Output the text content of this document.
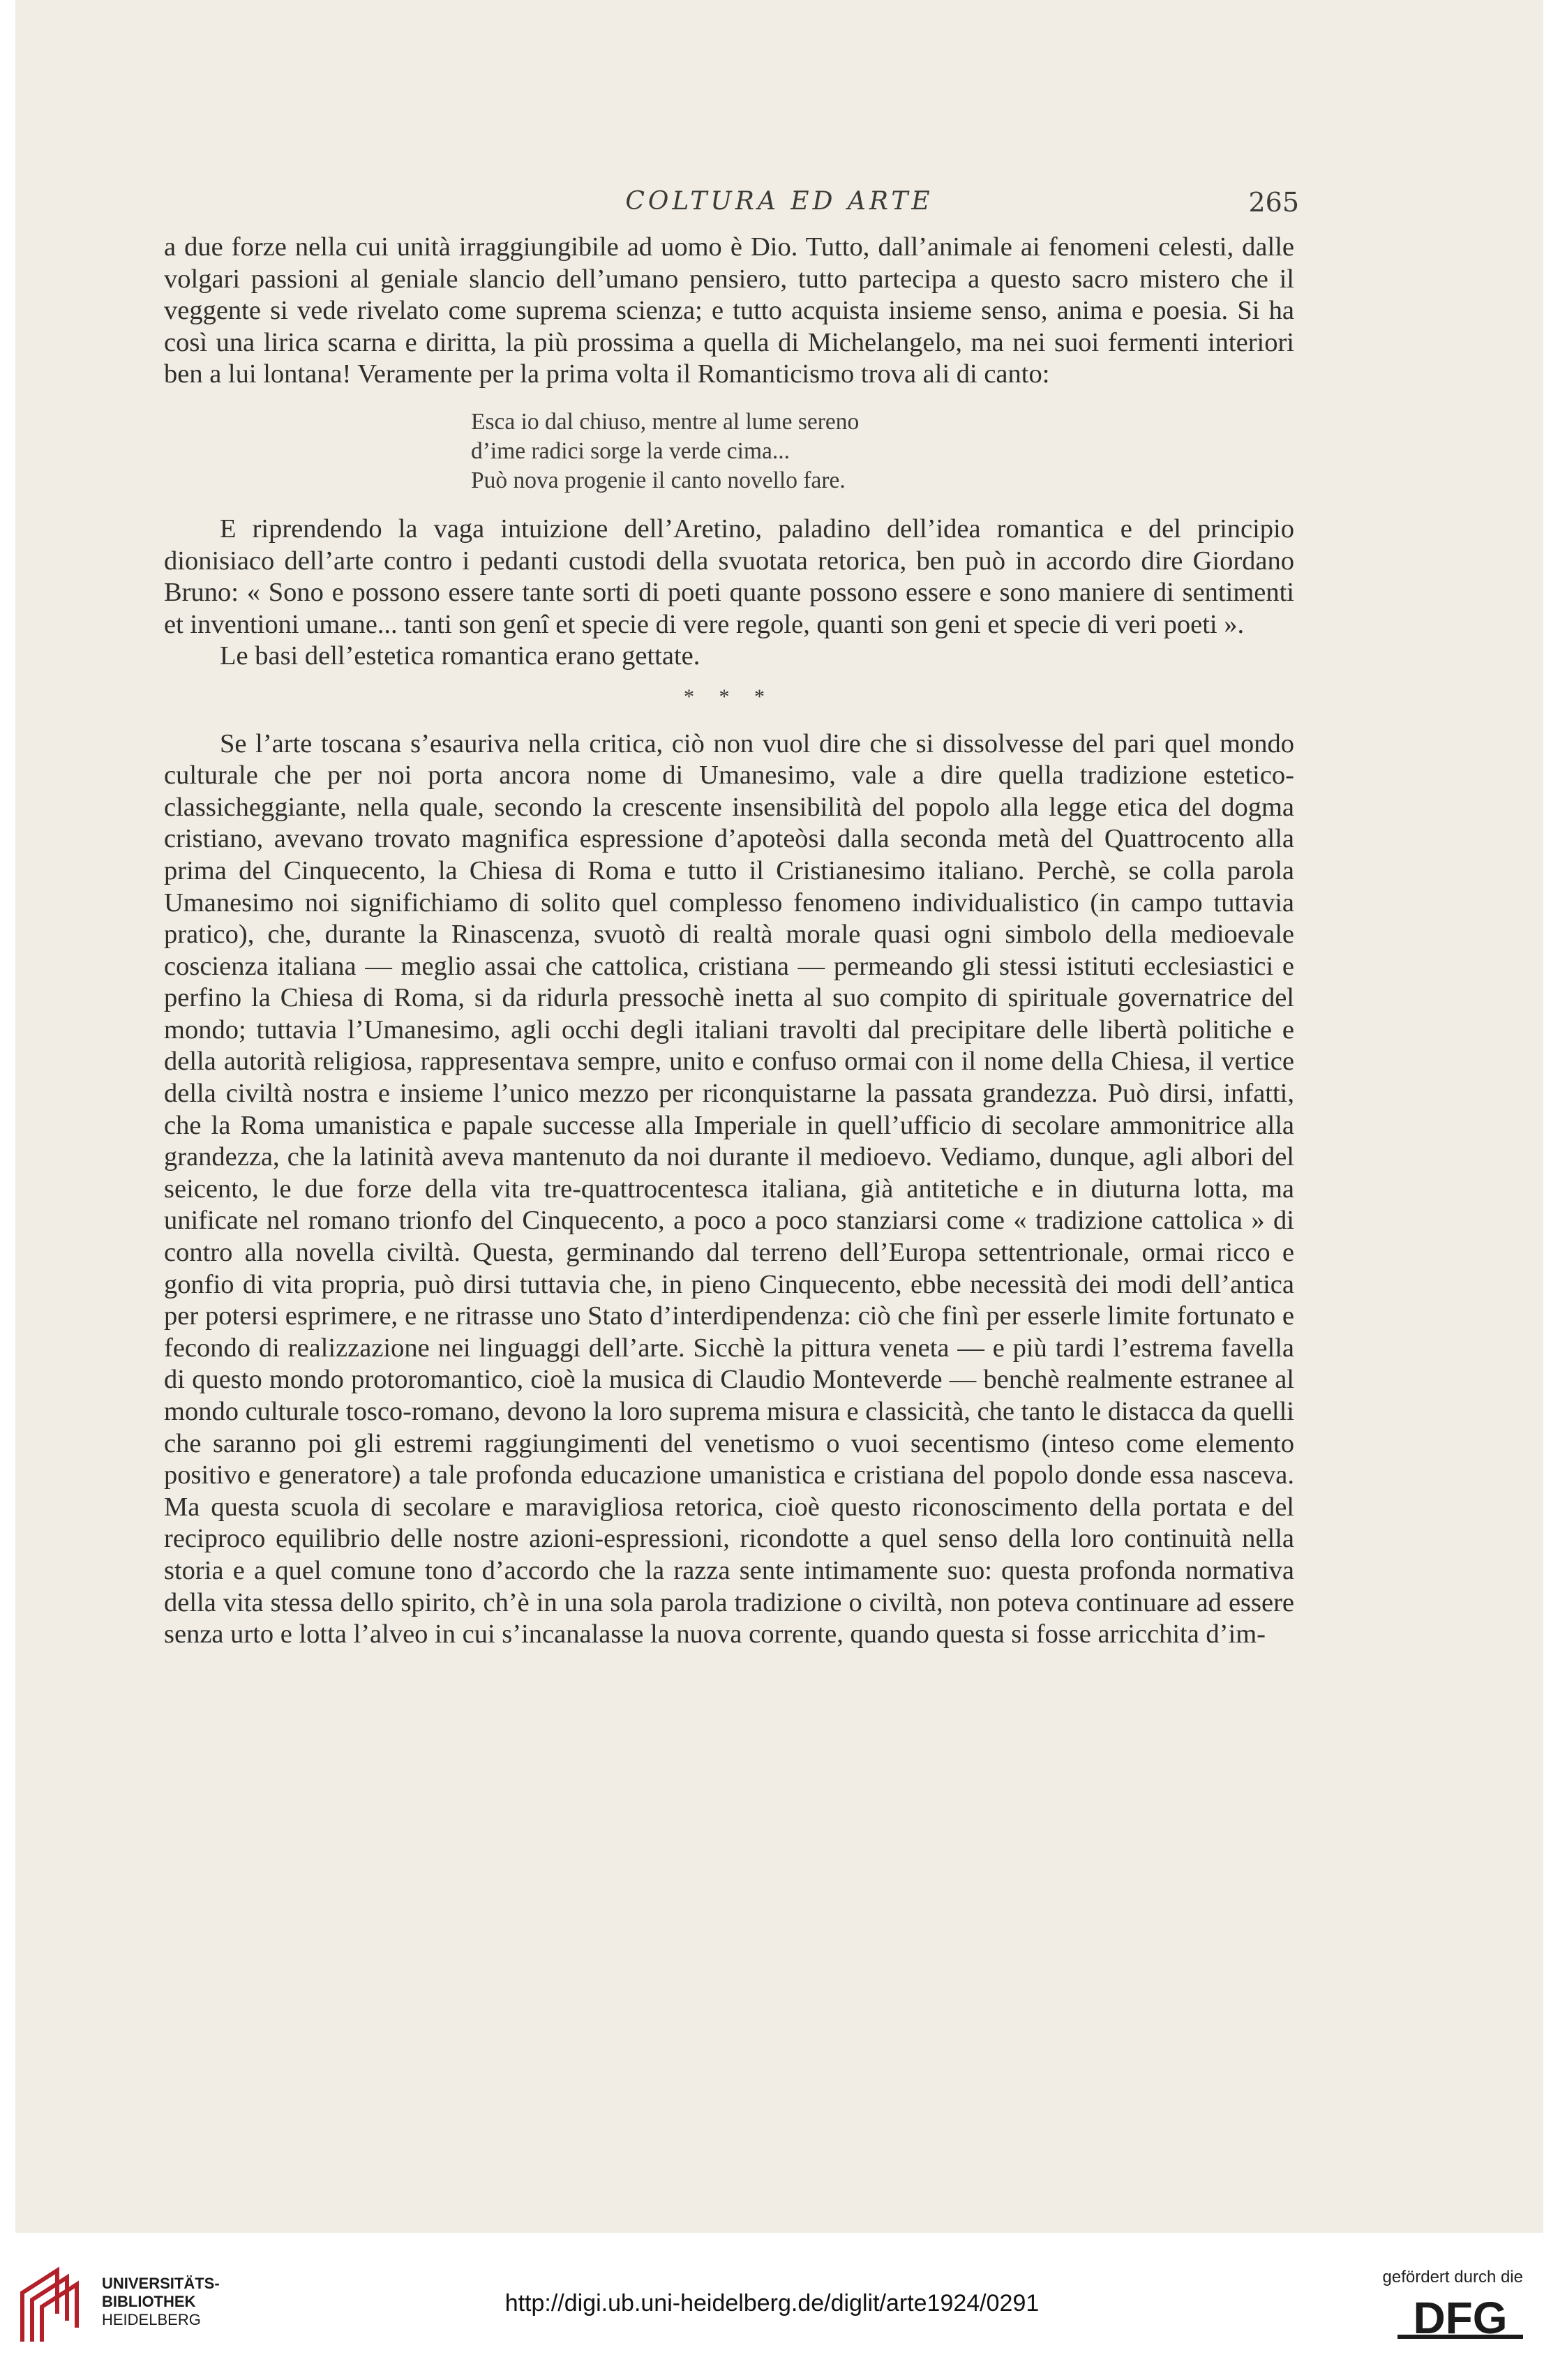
COLTURA ED ARTE	265

a due forze nella cui unità irraggiungibile ad uomo è Dio. Tutto, dall’animale ai fenomeni celesti, dalle volgari passioni al geniale slancio dell’umano pensiero, tutto partecipa a questo sacro mistero che il veggente si vede rivelato come suprema scienza; e tutto acquista insieme senso, anima e poesia. Si ha così una lirica scarna e diritta, la più prossima a quella di Michelangelo, ma nei suoi fermenti interiori ben a lui lontana! Veramente per la prima volta il Romanticismo trova ali di canto:

Esca io dal chiuso, mentre al lume sereno
d’ime radici sorge la verde cima...
Può nova progenie il canto novello fare.

E riprendendo la vaga intuizione dell’Aretino, paladino dell’idea romantica e del principio dionisiaco dell’arte contro i pedanti custodi della svuotata retorica, ben può in accordo dire Giordano Bruno: « Sono e possono essere tante sorti di poeti quante possono essere e sono maniere di sentimenti et inventioni umane... tanti son genî et specie di vere regole, quanti son geni et specie di veri poeti ».

Le basi dell’estetica romantica erano gettate.

* * *

Se l’arte toscana s’esauriva nella critica, ciò non vuol dire che si dissolvesse del pari quel mondo culturale che per noi porta ancora nome di Umanesimo, vale a dire quella tradizione estetico-classicheggiante, nella quale, secondo la crescente insensibilità del popolo alla legge etica del dogma cristiano, avevano trovato magnifica espressione d’apoteòsi dalla seconda metà del Quattrocento alla prima del Cinquecento, la Chiesa di Roma e tutto il Cristianesimo italiano. Perchè, se colla parola Umanesimo noi significhiamo di solito quel complesso fenomeno individualistico (in campo tuttavia pratico), che, durante la Rinascenza, svuotò di realtà morale quasi ogni simbolo della medioevale coscienza italiana — meglio assai che cattolica, cristiana — permeando gli stessi istituti ecclesiastici e perfino la Chiesa di Roma, si da ridurla pressochè inetta al suo compito di spirituale governatrice del mondo; tuttavia l’Umanesimo, agli occhi degli italiani travolti dal precipitare delle libertà politiche e della autorità religiosa, rappresentava sempre, unito e confuso ormai con il nome della Chiesa, il vertice della civiltà nostra e insieme l’unico mezzo per riconquistarne la passata grandezza. Può dirsi, infatti, che la Roma umanistica e papale successe alla Imperiale in quell’ufficio di secolare ammonitrice alla grandezza, che la latinità aveva mantenuto da noi durante il medioevo. Vediamo, dunque, agli albori del seicento, le due forze della vita tre-quattrocentesca italiana, già antitetiche e in diuturna lotta, ma unificate nel romano trionfo del Cinquecento, a poco a poco stanziarsi come « tradizione cattolica » di contro alla novella civiltà. Questa, germinando dal terreno dell’Europa settentrionale, ormai ricco e gonfio di vita propria, può dirsi tuttavia che, in pieno Cinquecento, ebbe necessità dei modi dell’antica per potersi esprimere, e ne ritrasse uno Stato d’interdipendenza: ciò che finì per esserle limite fortunato e fecondo di realizzazione nei linguaggi dell’arte. Sicchè la pittura veneta — e più tardi l’estrema favella di questo mondo protoromantico, cioè la musica di Claudio Monteverde — benchè realmente estranee al mondo culturale tosco-romano, devono la loro suprema misura e classicità, che tanto le distacca da quelli che saranno poi gli estremi raggiungimenti del venetismo o vuoi secentismo (inteso come elemento positivo e generatore) a tale profonda educazione umanistica e cristiana del popolo donde essa nasceva. Ma questa scuola di secolare e maravigliosa retorica, cioè questo riconoscimento della portata e del reciproco equilibrio delle nostre azioni-espressioni, ricondotte a quel senso della loro continuità nella storia e a quel comune tono d’accordo che la razza sente intimamente suo: questa profonda normativa della vita stessa dello spirito, ch’è in una sola parola tradizione o civiltà, non poteva continuare ad essere senza urto e lotta l’alveo in cui s’incanalasse la nuova corrente, quando questa si fosse arricchita d’im-

UNIVERSITÄTS-
BIBLIOTHEK
HEIDELBERG
http://digi.ub.uni-heidelberg.de/diglit/arte1924/0291
gefördert durch die
DFG
